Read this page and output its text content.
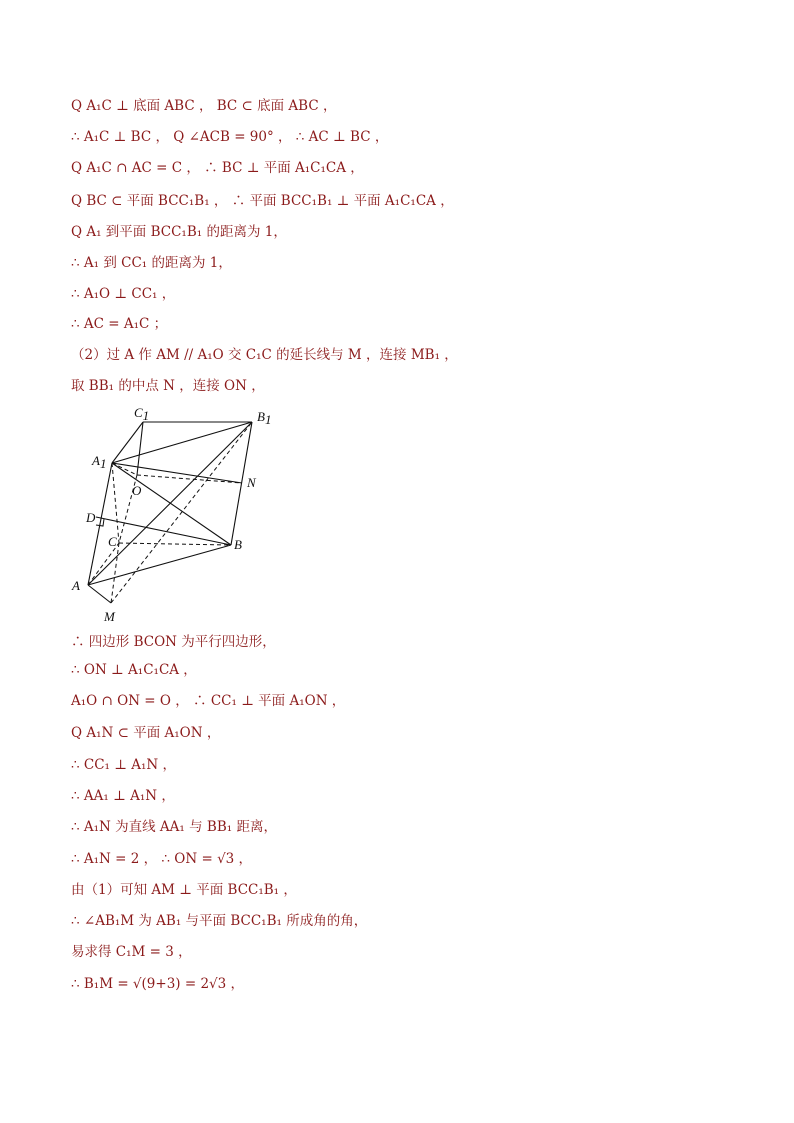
Q A₁C ⊥ 底面 ABC ， BC ⊂ 底面 ABC ，
∴ A₁C ⊥ BC ， Q ∠ACB = 90° ， ∴ AC ⊥ BC ，
Q A₁C ∩ AC = C ， ∴ BC ⊥ 平面 A₁C₁CA ，
Q BC ⊂ 平面 BCC₁B₁ ， ∴ 平面 BCC₁B₁ ⊥ 平面 A₁C₁CA ，
Q A₁ 到平面 BCC₁B₁ 的距离为 1，
∴ A₁ 到 CC₁ 的距离为 1，
∴ A₁O ⊥ CC₁ ，
∴ AC = A₁C ；
（2）过 A 作 AM // A₁O 交 C₁C 的延长线与 M ，连接 MB₁ ，
取 BB₁ 的中点 N ，连接 ON ，
∴ 四边形 BCON 为平行四边形，
∴ ON ⊥ A₁C₁CA ，
A₁O ∩ ON = O ， ∴ CC₁ ⊥ 平面 A₁ON ，
Q A₁N ⊂ 平面 A₁ON ，
∴ CC₁ ⊥ A₁N ，
∴ AA₁ ⊥ A₁N ，
∴ A₁N 为直线 AA₁ 与 BB₁ 距离，
∴ A₁N = 2 ， ∴ ON = √3 ，
由（1）可知 AM ⊥ 平面 BCC₁B₁ ，
∴ ∠AB₁M 为 AB₁ 与平面 BCC₁B₁ 所成角的角，
易求得 C₁M = 3 ，
∴ B₁M = √(9+3) = 2√3 ，
C1	B1
A1
O
N
D
C	B
A
M
